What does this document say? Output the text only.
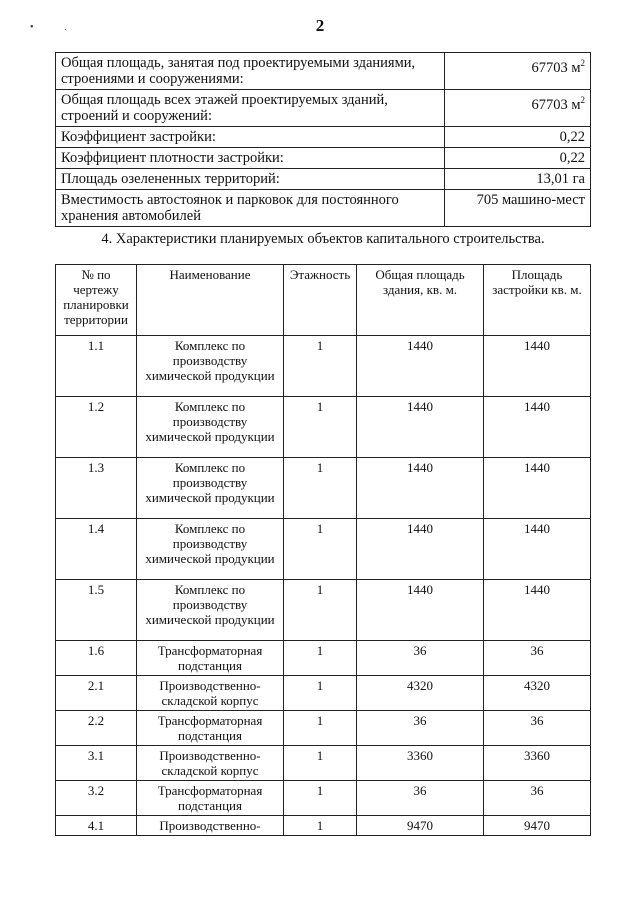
•	ˎ	2
Общая площадь, занятая под проектируемыми зданиями, строениями и сооружениями:	67703 $м^2$
Общая площадь всех этажей проектируемых зданий, строений и сооружений:	67703 $м^2$
Коэффициент застройки:	0,22
Коэффициент плотности застройки:	0,22
Площадь озелененных территорий:	13,01 га
Вместимость автостоянок и парковок для постоянного хранения автомобилей	705 машино-мест
4. Характеристики планируемых объектов капитального строительства.
№ по чертежу планировки территории	Наименование	Этажность	Общая площадь здания, кв. м.	Площадь застройки кв. м.
1.1	Комплекс по производству химической продукции	1	1440	1440
1.2	Комплекс по производству химической продукции	1	1440	1440
1.3	Комплекс по производству химической продукции	1	1440	1440
1.4	Комплекс по производству химической продукции	1	1440	1440
1.5	Комплекс по производству химической продукции	1	1440	1440
1.6	Трансформаторная подстанция	1	36	36
2.1	Производственно-складской корпус	1	4320	4320
2.2	Трансформаторная подстанция	1	36	36
3.1	Производственно-складской корпус	1	3360	3360
3.2	Трансформаторная подстанция	1	36	36
4.1	Производственно-	1	9470	9470
